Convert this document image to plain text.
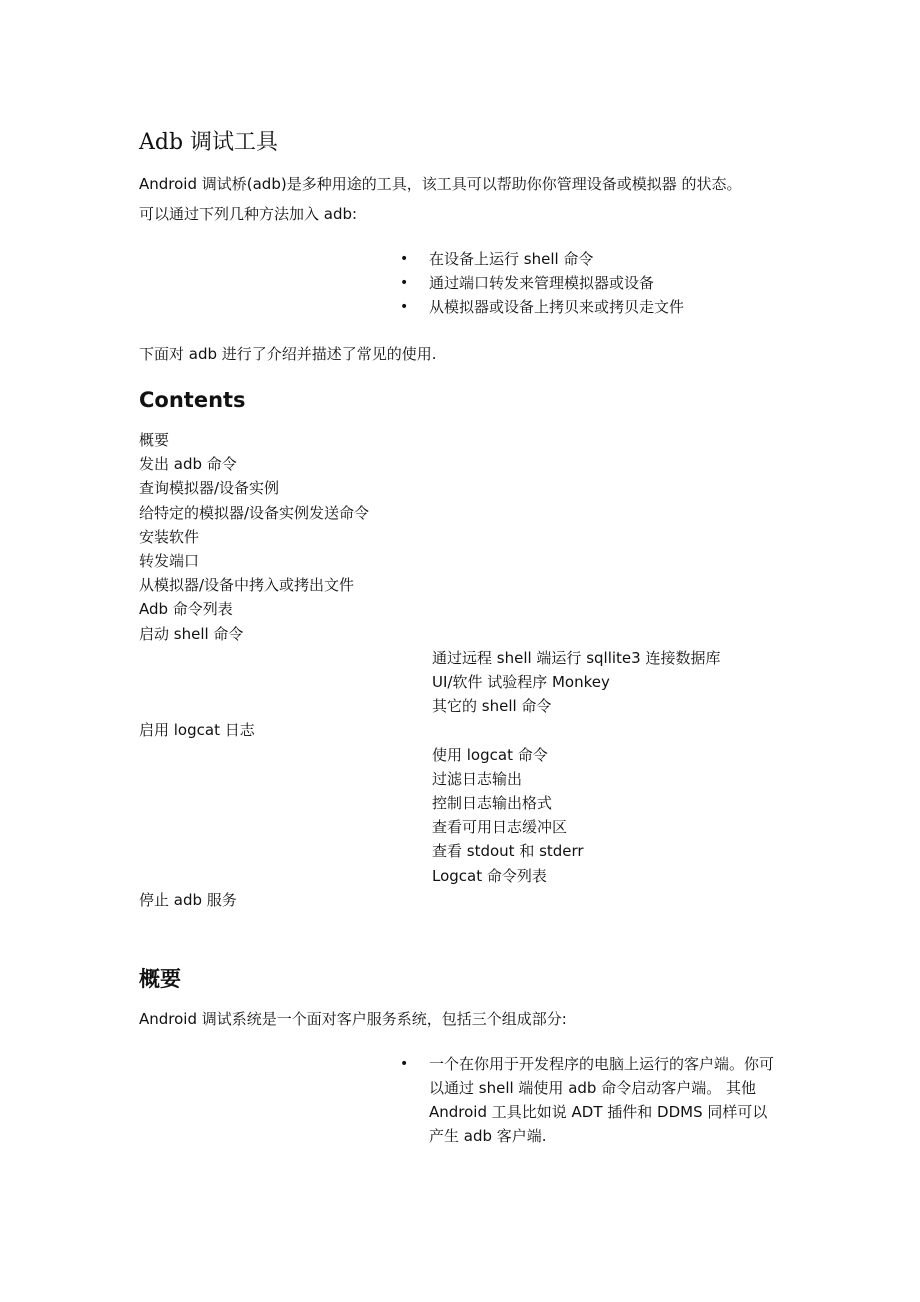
Adb 调试工具
Android 调试桥(adb)是多种用途的工具，该工具可以帮助你你管理设备或模拟器 的状态。
可以通过下列几种方法加入 adb:
• 在设备上运行 shell 命令
• 通过端口转发来管理模拟器或设备
• 从模拟器或设备上拷贝来或拷贝走文件
下面对 adb 进行了介绍并描述了常见的使用.
Contents
概要
发出 adb 命令
查询模拟器/设备实例
给特定的模拟器/设备实例发送命令
安装软件
转发端口
从模拟器/设备中拷入或拷出文件
Adb 命令列表
启动 shell 命令
通过远程 shell 端运行 sqllite3 连接数据库
UI/软件 试验程序 Monkey
其它的 shell 命令
启用 logcat 日志
使用 logcat 命令
过滤日志输出
控制日志输出格式
查看可用日志缓冲区
查看 stdout 和 stderr
Logcat 命令列表
停止 adb 服务
概要
Android 调试系统是一个面对客户服务系统，包括三个组成部分:
• 一个在你用于开发程序的电脑上运行的客户端。你可以通过 shell 端使用 adb 命令启动客户端。 其他 Android 工具比如说 ADT 插件和 DDMS 同样可以产生 adb 客户端.
